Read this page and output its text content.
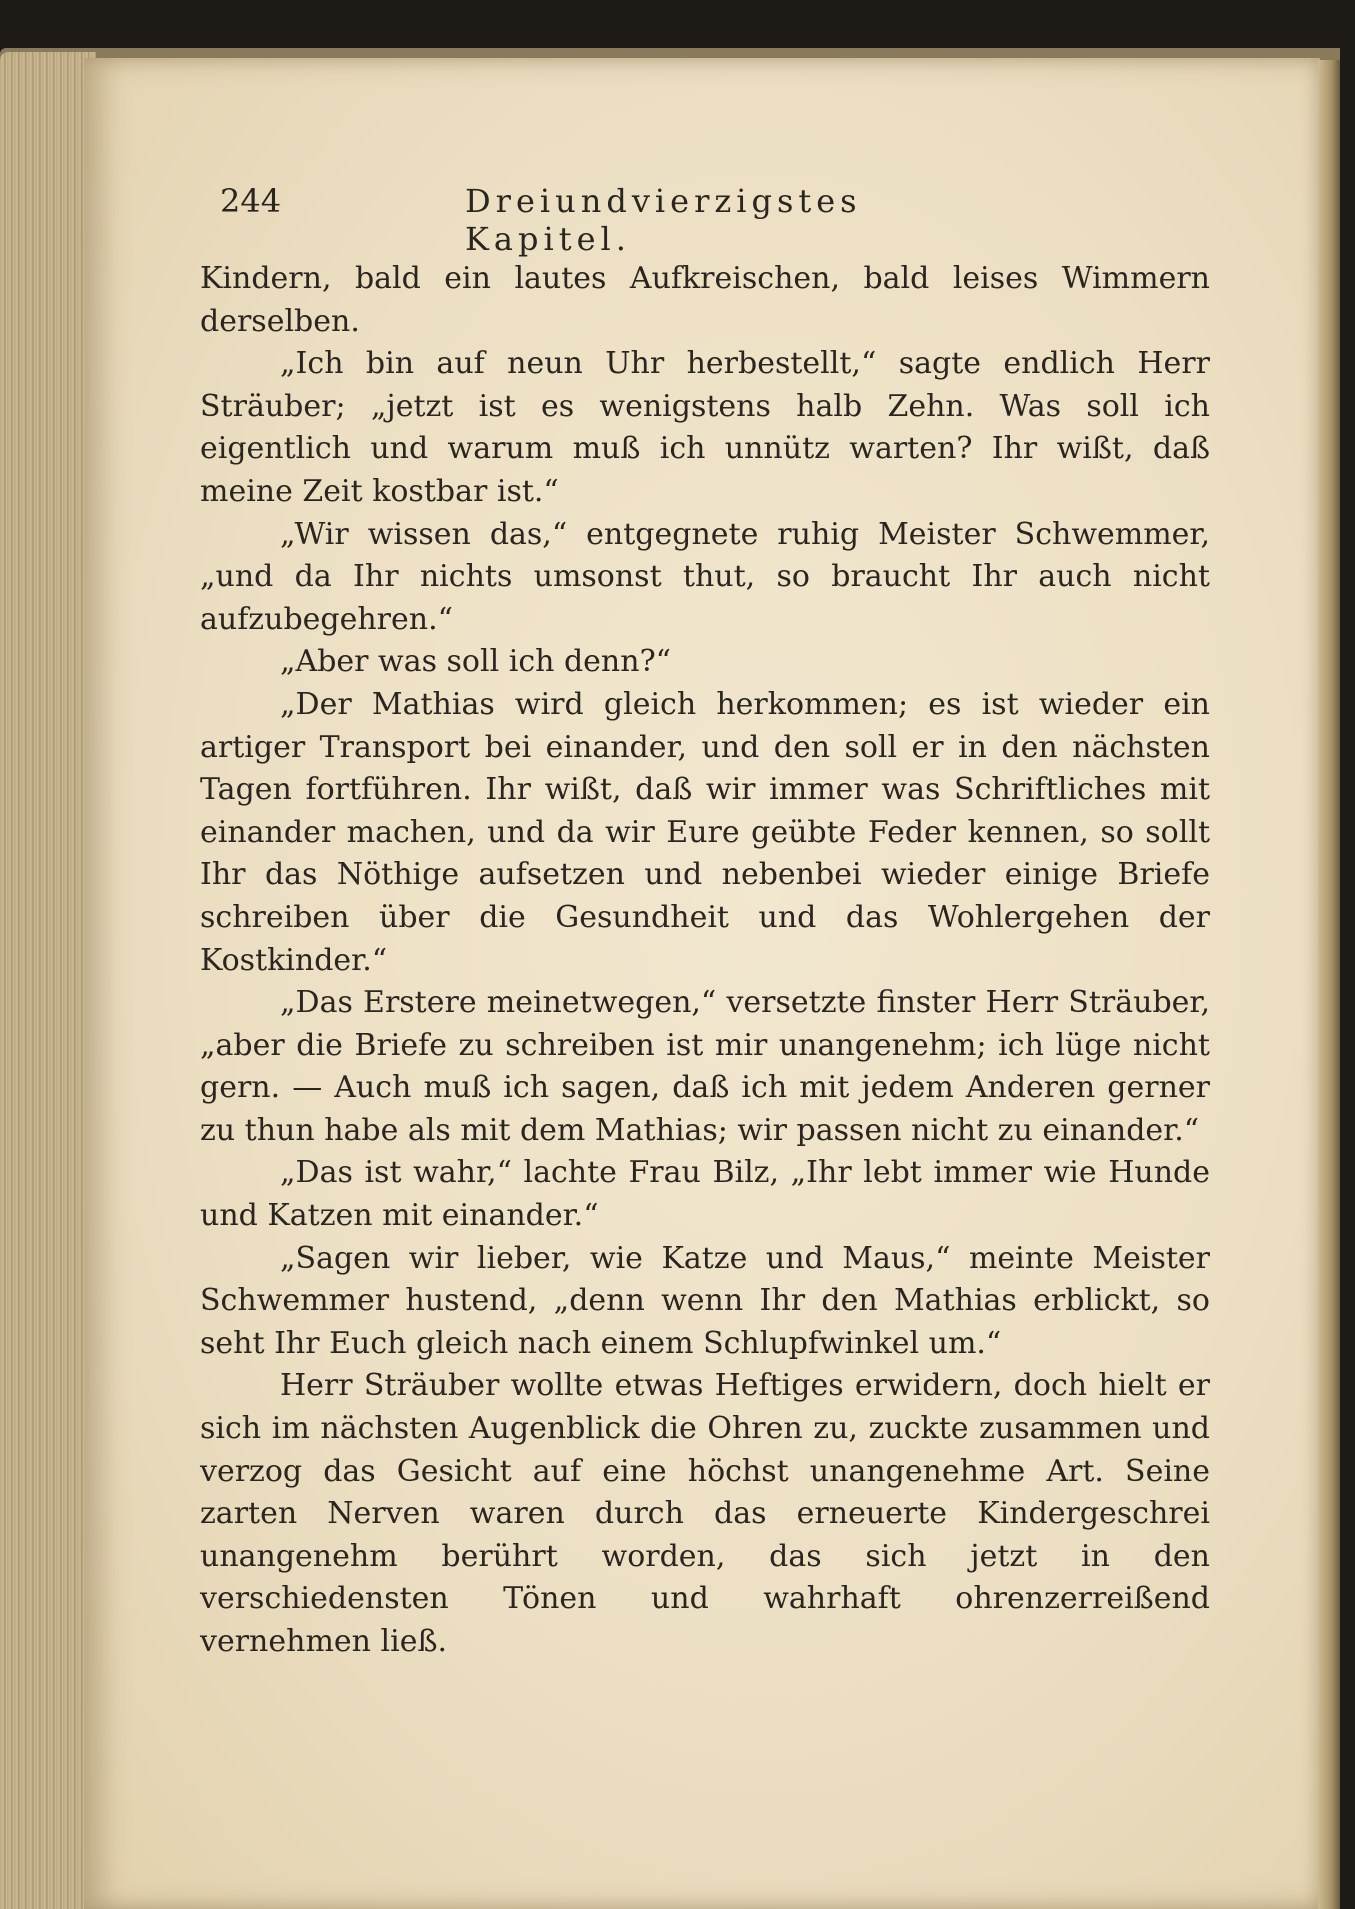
244	Dreiundvierzigstes Kapitel.

Kindern, bald ein lautes Aufkreischen, bald leises Wimmern derselben.

„Ich bin auf neun Uhr herbestellt,“ sagte endlich Herr Sträuber; „jetzt ist es wenigstens halb Zehn. Was soll ich eigentlich und warum muß ich unnütz warten? Ihr wißt, daß meine Zeit kostbar ist.“

„Wir wissen das,“ entgegnete ruhig Meister Schwemmer, „und da Ihr nichts umsonst thut, so braucht Ihr auch nicht aufzubegehren.“

„Aber was soll ich denn?“

„Der Mathias wird gleich herkommen; es ist wieder ein artiger Transport bei einander, und den soll er in den nächsten Tagen fortführen. Ihr wißt, daß wir immer was Schriftliches mit einander machen, und da wir Eure geübte Feder kennen, so sollt Ihr das Nöthige aufsetzen und nebenbei wieder einige Briefe schreiben über die Gesundheit und das Wohlergehen der Kostkinder.“

„Das Erstere meinetwegen,“ versetzte finster Herr Sträuber, „aber die Briefe zu schreiben ist mir unangenehm; ich lüge nicht gern. — Auch muß ich sagen, daß ich mit jedem Anderen gerner zu thun habe als mit dem Mathias; wir passen nicht zu einander.“

„Das ist wahr,“ lachte Frau Bilz, „Ihr lebt immer wie Hunde und Katzen mit einander.“

„Sagen wir lieber, wie Katze und Maus,“ meinte Meister Schwemmer hustend, „denn wenn Ihr den Mathias erblickt, so seht Ihr Euch gleich nach einem Schlupfwinkel um.“

Herr Sträuber wollte etwas Heftiges erwidern, doch hielt er sich im nächsten Augenblick die Ohren zu, zuckte zusammen und verzog das Gesicht auf eine höchst unangenehme Art. Seine zarten Nerven waren durch das erneuerte Kindergeschrei unangenehm berührt worden, das sich jetzt in den verschiedensten Tönen und wahrhaft ohrenzerreißend vernehmen ließ.
